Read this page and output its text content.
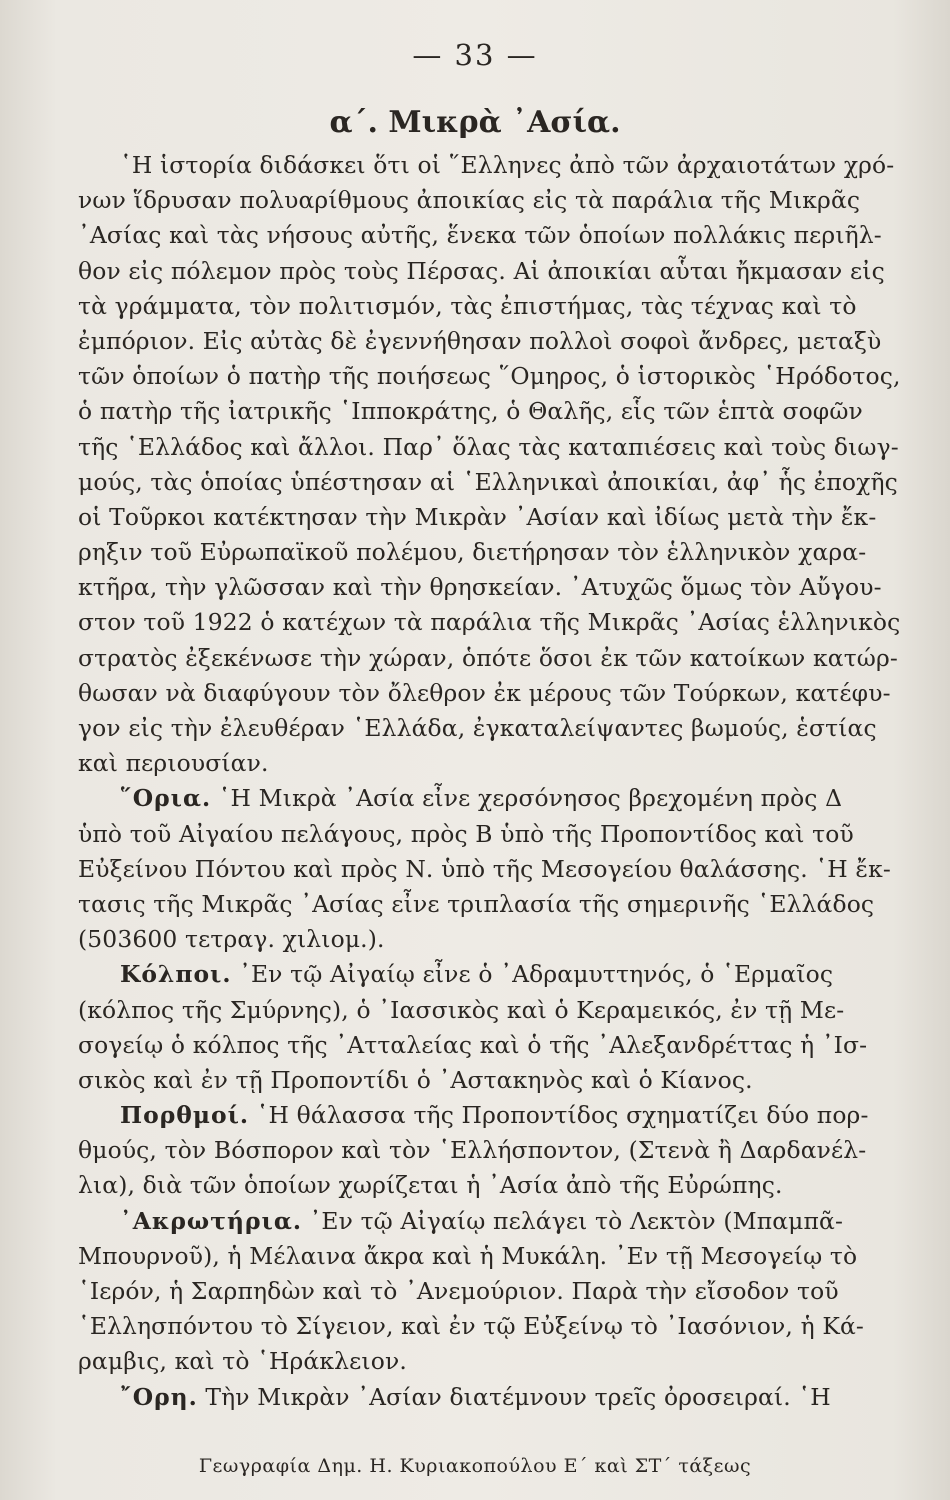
— 33 —
α΄. Μικρὰ ᾽Ασία.
῾Η ἱστορία διδάσκει ὅτι οἱ ῞Ελληνες ἀπὸ τῶν ἀρχαιοτάτων χρό-
νων ἵδρυσαν πολυαρίθμους ἀποικίας εἰς τὰ παράλια τῆς Μικρᾶς
᾽Ασίας καὶ τὰς νήσους αὐτῆς, ἕνεκα τῶν ὁποίων πολλάκις περιῆλ-
θον εἰς πόλεμον πρὸς τοὺς Πέρσας. Αἱ ἀποικίαι αὗται ἤκμασαν εἰς
τὰ γράμματα, τὸν πολιτισμόν, τὰς ἐπιστήμας, τὰς τέχνας καὶ τὸ
ἐμπόριον. Εἰς αὐτὰς δὲ ἐγεννήθησαν πολλοὶ σοφοὶ ἄνδρες, μεταξὺ
τῶν ὁποίων ὁ πατὴρ τῆς ποιήσεως ῞Ομηρος, ὁ ἱστορικὸς ῾Ηρόδοτος,
ὁ πατὴρ τῆς ἰατρικῆς ῾Ιπποκράτης, ὁ Θαλῆς, εἷς τῶν ἑπτὰ σοφῶν
τῆς ῾Ελλάδος καὶ ἄλλοι. Παρ᾽ ὅλας τὰς καταπιέσεις καὶ τοὺς διωγ-
μούς, τὰς ὁποίας ὑπέστησαν αἱ ῾Ελληνικαὶ ἀποικίαι, ἀφ᾽ ἧς ἐποχῆς
οἱ Τοῦρκοι κατέκτησαν τὴν Μικρὰν ᾽Ασίαν καὶ ἰδίως μετὰ τὴν ἔκ-
ρηξιν τοῦ Εὐρωπαϊκοῦ πολέμου, διετήρησαν τὸν ἑλληνικὸν χαρα-
κτῆρα, τὴν γλῶσσαν καὶ τὴν θρησκείαν. ᾽Ατυχῶς ὅμως τὸν Αὔγου-
στον τοῦ 1922 ὁ κατέχων τὰ παράλια τῆς Μικρᾶς ᾽Ασίας ἑλληνικὸς
στρατὸς ἐξεκένωσε τὴν χώραν, ὁπότε ὅσοι ἐκ τῶν κατοίκων κατώρ-
θωσαν νὰ διαφύγουν τὸν ὄλεθρον ἐκ μέρους τῶν Τούρκων, κατέφυ-
γον εἰς τὴν ἐλευθέραν ῾Ελλάδα, ἐγκαταλείψαντες βωμούς, ἑστίας
καὶ περιουσίαν.
῞Ορια. ῾Η Μικρὰ ᾽Ασία εἶνε χερσόνησος βρεχομένη πρὸς Δ
ὑπὸ τοῦ Αἰγαίου πελάγους, πρὸς Β ὑπὸ τῆς Προποντίδος καὶ τοῦ
Εὐξείνου Πόντου καὶ πρὸς Ν. ὑπὸ τῆς Μεσογείου θαλάσσης. ῾Η ἔκ-
τασις τῆς Μικρᾶς ᾽Ασίας εἶνε τριπλασία τῆς σημερινῆς ῾Ελλάδος
(503600 τετραγ. χιλιομ.).
Κόλποι. ᾽Εν τῷ Αἰγαίῳ εἶνε ὁ ᾽Αδραμυττηνός, ὁ ῾Ερμαῖος
(κόλπος τῆς Σμύρνης), ὁ ᾽Ιασσικὸς καὶ ὁ Κεραμεικός, ἐν τῇ Με-
σογείῳ ὁ κόλπος τῆς ᾽Ατταλείας καὶ ὁ τῆς ᾽Αλεξανδρέττας ἡ ᾽Ισ-
σικὸς καὶ ἐν τῇ Προποντίδι ὁ ᾽Αστακηνὸς καὶ ὁ Κίανος.
Πορθμοί. ῾Η θάλασσα τῆς Προποντίδος σχηματίζει δύο πορ-
θμούς, τὸν Βόσπορον καὶ τὸν ῾Ελλήσποντον, (Στενὰ ἢ Δαρδανέλ-
λια), διὰ τῶν ὁποίων χωρίζεται ἡ ᾽Ασία ἀπὸ τῆς Εὐρώπης.
᾽Ακρωτήρια. ᾽Εν τῷ Αἰγαίῳ πελάγει τὸ Λεκτὸν (Μπαμπᾶ-
Μπουρνοῦ), ἡ Μέλαινα ἄκρα καὶ ἡ Μυκάλη. ᾽Εν τῇ Μεσογείῳ τὸ
῾Ιερόν, ἡ Σαρπηδὼν καὶ τὸ ᾽Ανεμούριον. Παρὰ τὴν εἴσοδον τοῦ
῾Ελλησπόντου τὸ Σίγειον, καὶ ἐν τῷ Εὐξείνῳ τὸ ᾽Ιασόνιον, ἡ Κά-
ραμβις, καὶ τὸ ῾Ηράκλειον.
῎Ορη. Τὴν Μικρὰν ᾽Ασίαν διατέμνουν τρεῖς ὀροσειραί. ῾Η
Γεωγραφία Δημ. Η. Κυριακοπούλου Ε΄ καὶ ΣΤ΄ τάξεως
